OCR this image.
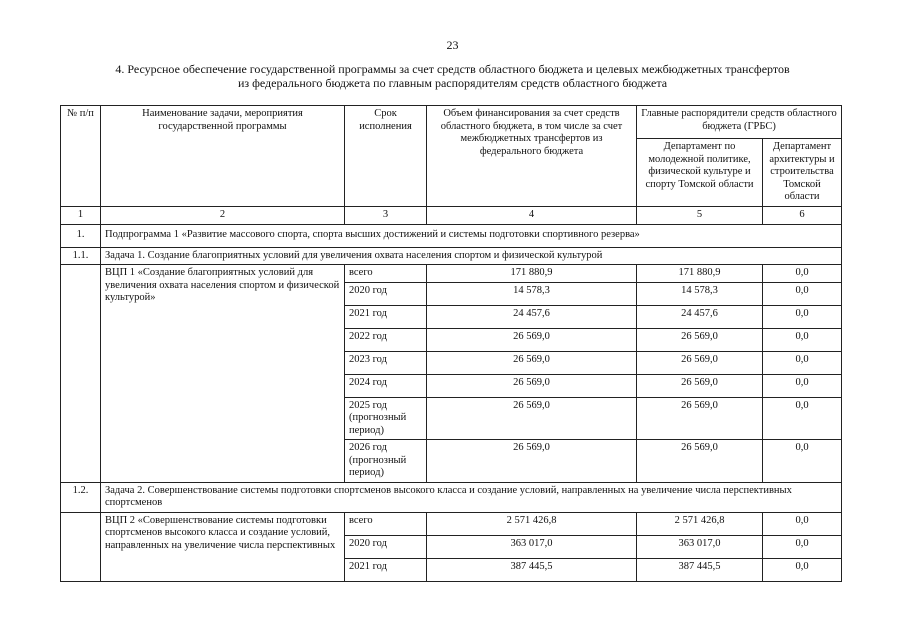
23
4. Ресурсное обеспечение государственной программы за счет средств областного бюджета и целевых межбюджетных трансфертов
из федерального бюджета по главным распорядителям средств областного бюджета
№ п/п	Наименование задачи, мероприятия государственной программы	Срок исполнения	Объем финансирования за счет средств областного бюджета, в том числе за счет межбюджетных трансфертов из федерального бюджета	Главные распорядители средств областного бюджета (ГРБС)	
				Департамент по молодежной политике, физической культуре и спорту Томской области	Департамент архитектуры и строительства Томской области
1	2	3	4	5	6
1.	Подпрограмма 1 «Развитие массового спорта, спорта высших достижений и системы подготовки спортивного резерва»				
1.1.	Задача 1. Создание благоприятных условий для увеличения охвата населения спортом и физической культурой				
	ВЦП 1 «Создание благоприятных условий для увеличения охвата населения спортом и физической культурой»	всего	171 880,9	171 880,9	0,0
		2020 год	14 578,3	14 578,3	0,0
		2021 год	24 457,6	24 457,6	0,0
		2022 год	26 569,0	26 569,0	0,0
		2023 год	26 569,0	26 569,0	0,0
		2024 год	26 569,0	26 569,0	0,0
		2025 год (прогнозный период)	26 569,0	26 569,0	0,0
		2026 год (прогнозный период)	26 569,0	26 569,0	0,0
1.2.	Задача 2. Совершенствование системы подготовки спортсменов высокого класса и создание условий, направленных на увеличение числа перспективных спортсменов				
	ВЦП 2 «Совершенствование системы подготовки спортсменов высокого класса и создание условий, направленных на увеличение числа перспективных	всего	2 571 426,8	2 571 426,8	0,0
		2020 год	363 017,0	363 017,0	0,0
		2021 год	387 445,5	387 445,5	0,0
